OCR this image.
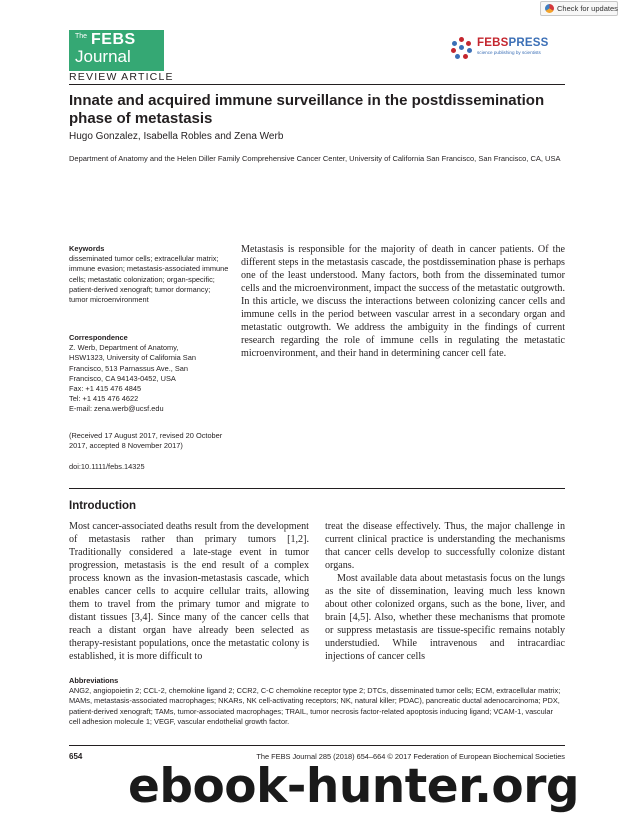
Check for updates
The FEBS
Journal
REVIEW ARTICLE
FEBSPRESS
science publishing by scientists
Innate and acquired immune surveillance in the postdissemination phase of metastasis
Hugo Gonzalez, Isabella Robles and Zena Werb
Department of Anatomy and the Helen Diller Family Comprehensive Cancer Center, University of California San Francisco, San Francisco, CA, USA
Keywords
disseminated tumor cells; extracellular matrix; immune evasion; metastasis-associated immune cells; metastatic colonization; organ-specific; patient-derived xenograft; tumor dormancy; tumor microenvironment
Correspondence
Z. Werb, Department of Anatomy,
HSW1323, University of California San
Francisco, 513 Parnassus Ave., San
Francisco, CA 94143-0452, USA
Fax: +1 415 476 4845
Tel: +1 415 476 4622
E-mail: zena.werb@ucsf.edu
(Received 17 August 2017, revised 20 October 2017, accepted 8 November 2017)
doi:10.1111/febs.14325
Metastasis is responsible for the majority of death in cancer patients. Of the different steps in the metastasis cascade, the postdissemination phase is perhaps one of the least understood. Many factors, both from the disseminated tumor cells and the microenvironment, impact the success of the metastatic outgrowth. In this article, we discuss the interactions between colonizing cancer cells and immune cells in the period between vascular arrest in a secondary organ and metastatic outgrowth. We address the ambiguity in the findings of current research regarding the role of immune cells in regulating the metastatic microenvironment, and their hand in determining cancer cell fate.
Introduction

Most cancer-associated deaths result from the development of metastasis rather than primary tumors [1,2]. Traditionally considered a late-stage event in tumor progression, metastasis is the end result of a complex process known as the invasion-metastasis cascade, which enables cancer cells to acquire cellular traits, allowing them to travel from the primary tumor and migrate to distant tissues [3,4]. Since many of the cancer cells that reach a distant organ have already been selected as therapy-resistant populations, once the metastatic colony is established, it is more difficult to

treat the disease effectively. Thus, the major challenge in current clinical practice is understanding the mechanisms that cancer cells develop to successfully colonize distant organs.

Most available data about metastasis focus on the lungs as the site of dissemination, leaving much less known about other colonized organs, such as the bone, liver, and brain [4,5]. Also, whether these mechanisms that promote or suppress metastasis are tissue-specific remains notably understudied. While intravenous and intracardiac injections of cancer cells

Abbreviations
ANG2, angiopoietin 2; CCL-2, chemokine ligand 2; CCR2, C-C chemokine receptor type 2; DTCs, disseminated tumor cells; ECM, extracellular matrix; MAMs, metastasis-associated macrophages; NKARs, NK cell-activating receptors; NK, natural killer; PDAC), pancreatic ductal adenocarcinoma; PDX, patient-derived xenograft; TAMs, tumor-associated macrophages; TRAIL, tumor necrosis factor-related apoptosis inducing ligand; VCAM-1, vascular cell adhesion molecule 1; VEGF, vascular endothelial growth factor.
654	The FEBS Journal 285 (2018) 654–664 © 2017 Federation of European Biochemical Societies
ebook-hunter.org
